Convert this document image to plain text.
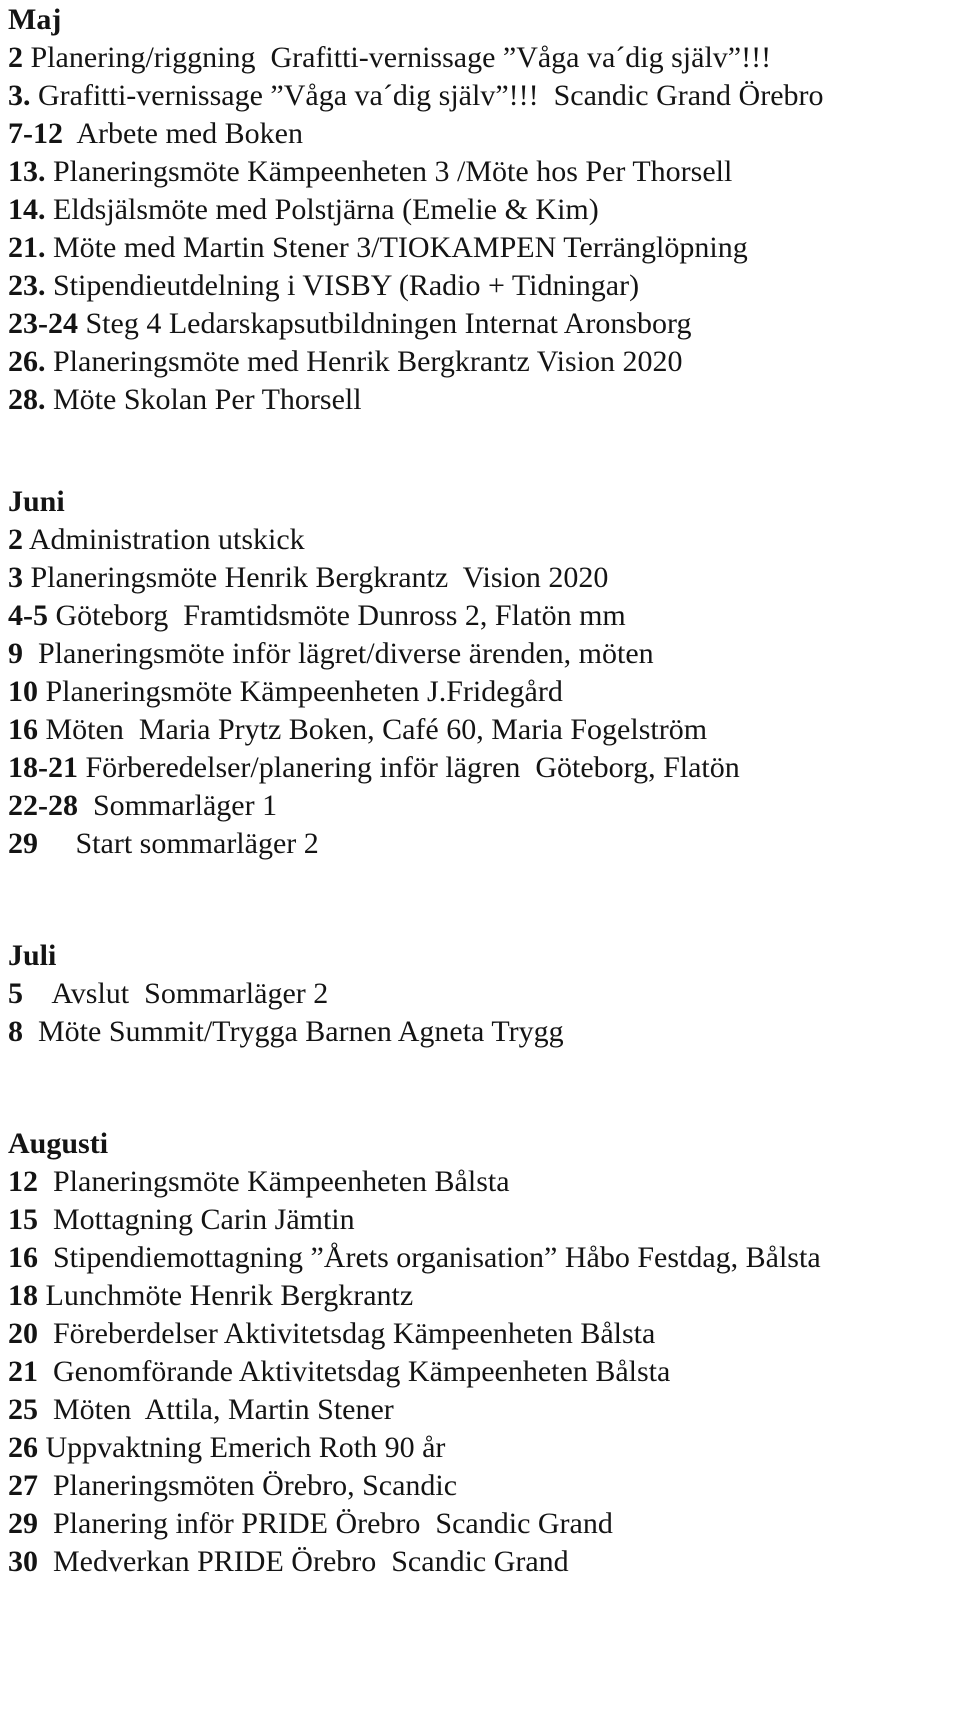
Maj
2 Planering/riggning  Grafitti-vernissage ”Våga va´dig själv”!!!
3. Grafitti-vernissage ”Våga va´dig själv”!!!  Scandic Grand Örebro
7-12  Arbete med Boken
13. Planeringsmöte Kämpeenheten 3 /Möte hos Per Thorsell
14. Eldsjälsmöte med Polstjärna (Emelie & Kim)
21. Möte med Martin Stener 3/TIOKAMPEN Terränglöpning
23. Stipendieutdelning i VISBY (Radio + Tidningar)
23-24 Steg 4 Ledarskapsutbildningen Internat Aronsborg
26. Planeringsmöte med Henrik Bergkrantz Vision 2020
28. Möte Skolan Per Thorsell
Juni
2 Administration utskick
3 Planeringsmöte Henrik Bergkrantz  Vision 2020
4-5 Göteborg  Framtidsmöte Dunross 2, Flatön mm
9  Planeringsmöte inför lägret/diverse ärenden, möten
10 Planeringsmöte Kämpeenheten J.Fridegård
16 Möten  Maria Prytz Boken, Café 60, Maria Fogelström
18-21 Förberedelser/planering inför lägren  Göteborg, Flatön
22-28  Sommarläger 1
29     Start sommarläger 2
Juli
5    Avslut  Sommarläger 2
8  Möte Summit/Trygga Barnen Agneta Trygg
Augusti
12  Planeringsmöte Kämpeenheten Bålsta
15  Mottagning Carin Jämtin
16  Stipendiemottagning ”Årets organisation” Håbo Festdag, Bålsta
18 Lunchmöte Henrik Bergkrantz
20  Föreberdelser Aktivitetsdag Kämpeenheten Bålsta
21  Genomförande Aktivitetsdag Kämpeenheten Bålsta
25  Möten  Attila, Martin Stener
26 Uppvaktning Emerich Roth 90 år
27  Planeringsmöten Örebro, Scandic
29  Planering inför PRIDE Örebro  Scandic Grand
30  Medverkan PRIDE Örebro  Scandic Grand
